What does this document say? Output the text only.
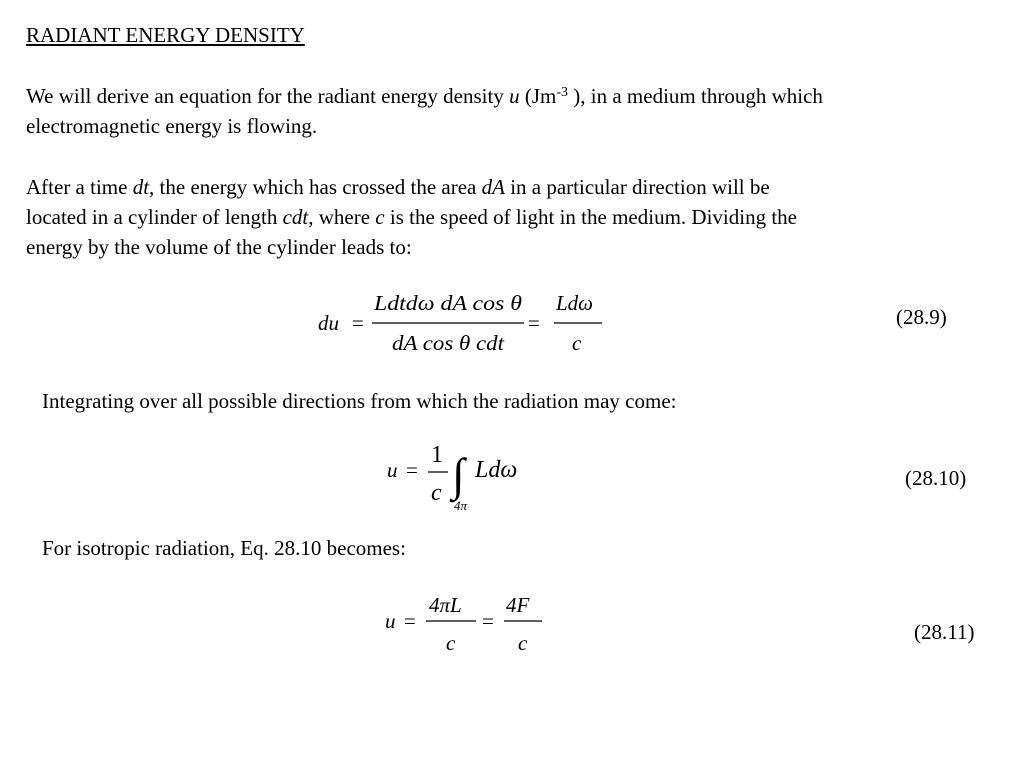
RADIANT ENERGY DENSITY
We will derive an equation for the radiant energy density u ($Jm^{-3}$ ), in a medium through which
electromagnetic energy is flowing.
After a time dt, the energy which has crossed the area dA in a particular direction will be
located in a cylinder of length cdt, where c is the speed of light in the medium. Dividing the
energy by the volume of the cylinder leads to:
du =
Ldtdω dA cos θ
dA cos θ cdt
=
Ldω
c
(28.9)
Integrating over all possible directions from which the radiation may come:
u =
1
c ∫
4π
Ldω	(28.10)
For isotropic radiation, Eq. 28.10 becomes:
u =
4πL
c
=
4F
c	(28.11)
